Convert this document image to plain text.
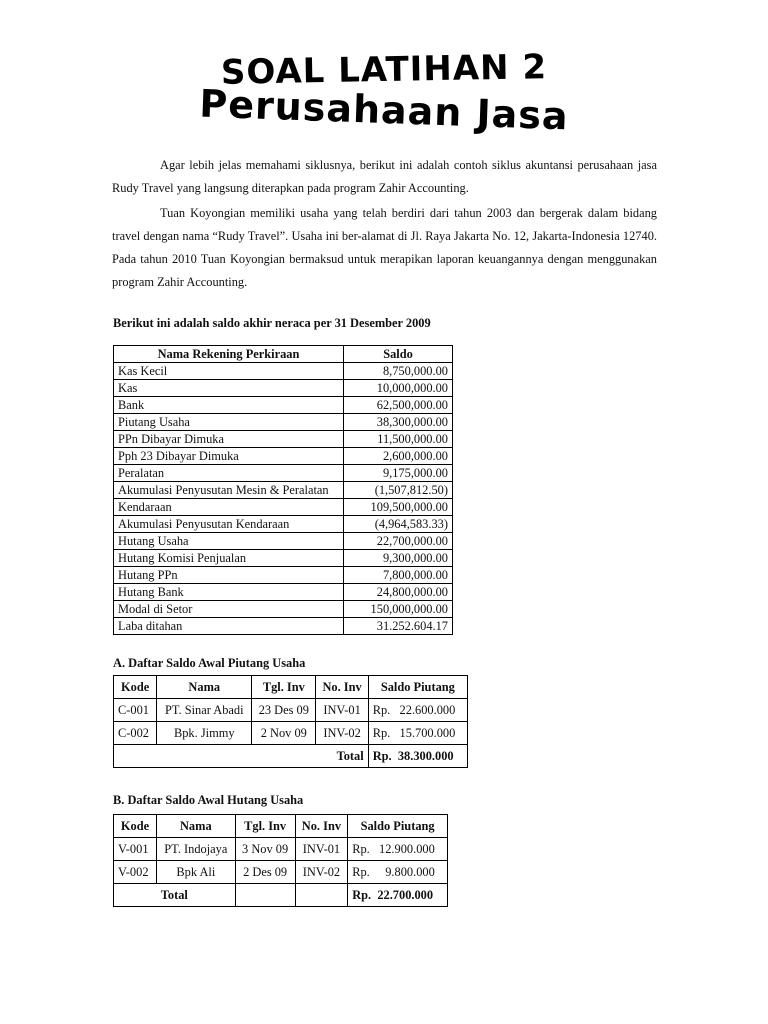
SOAL LATIHAN 2
Perusahaan Jasa
Agar lebih jelas memahami siklusnya, berikut ini adalah contoh siklus akuntansi perusahaan jasa Rudy Travel yang langsung diterapkan pada program Zahir Accounting.
Tuan Koyongian memiliki usaha yang telah berdiri dari tahun 2003 dan bergerak dalam bidang travel dengan nama “Rudy Travel”. Usaha ini ber-alamat di Jl. Raya Jakarta No. 12, Jakarta-Indonesia 12740. Pada tahun 2010 Tuan Koyongian bermaksud untuk merapikan laporan keuangannya dengan menggunakan program Zahir Accounting.
Berikut ini adalah saldo akhir neraca per 31 Desember 2009
Nama Rekening Perkiraan	Saldo
Kas Kecil	8,750,000.00
Kas	10,000,000.00
Bank	62,500,000.00
Piutang Usaha	38,300,000.00
PPn Dibayar Dimuka	11,500,000.00
Pph 23 Dibayar Dimuka	2,600,000.00
Peralatan	9,175,000.00
Akumulasi Penyusutan Mesin & Peralatan	(1,507,812.50)
Kendaraan	109,500,000.00
Akumulasi Penyusutan Kendaraan	(4,964,583.33)
Hutang Usaha	22,700,000.00
Hutang Komisi Penjualan	9,300,000.00
Hutang PPn	7,800,000.00
Hutang Bank	24,800,000.00
Modal di Setor	150,000,000.00
Laba ditahan	31.252.604.17
A. Daftar Saldo Awal Piutang Usaha
Kode	Nama	Tgl. Inv	No. Inv	Saldo Piutang
C-001	PT. Sinar Abadi	23 Des 09	INV-01	Rp.   22.600.000
C-002	Bpk. Jimmy	2 Nov 09	INV-02	Rp.   15.700.000
Total				Rp.  38.300.000
B. Daftar Saldo Awal Hutang Usaha
Kode	Nama	Tgl. Inv	No. Inv	Saldo Piutang
V-001	PT. Indojaya	3 Nov 09	INV-01	Rp.   12.900.000
V-002	Bpk Ali	2 Des 09	INV-02	Rp.     9.800.000
Total				Rp.  22.700.000
